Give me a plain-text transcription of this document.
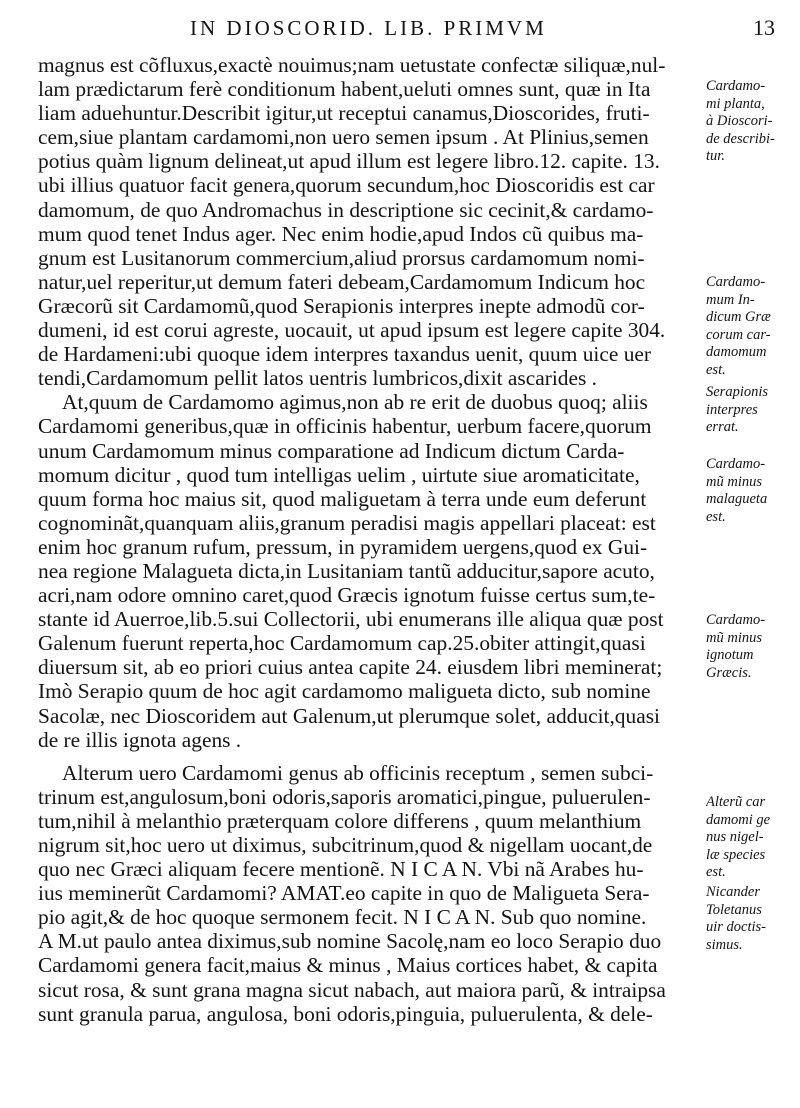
IN DIOSCORID. LIB. PRIMVM	13

magnus est cõfluxus,exactè nouimus;nam uetustate confectæ siliquæ,nul-
lam prædictarum ferè conditionum habent,ueluti omnes sunt, quæ in Ita
liam aduehuntur.Describit igitur,ut receptui canamus,Dioscorides, fruti-
cem,siue plantam cardamomi,non uero semen ipsum . At Plinius,semen
potius quàm lignum delineat,ut apud illum est legere libro.12. capite. 13.
ubi illius quatuor facit genera,quorum secundum,hoc Dioscoridis est car
damomum, de quo Andromachus in descriptione sic cecinit,& cardamo-
mum quod tenet Indus ager. Nec enim hodie,apud Indos cũ quibus ma-
gnum est Lusitanorum commercium,aliud prorsus cardamomum nomi-
natur,uel reperitur,ut demum fateri debeam,Cardamomum Indicum hoc
Græcorũ sit Cardamomũ,quod Serapionis interpres inepte admodũ cor-
dumeni, id est corui agreste, uocauit, ut apud ipsum est legere capite 304.
de Hardameni:ubi quoque idem interpres taxandus uenit, quum uice uer
tendi,Cardamomum pellit latos uentris lumbricos,dixit ascarides .

At,quum de Cardamomo agimus,non ab re erit de duobus quoq; aliis
Cardamomi generibus,quæ in officinis habentur, uerbum facere,quorum
unum Cardamomum minus comparatione ad Indicum dictum Carda-
momum dicitur , quod tum intelligas uelim , uirtute siue aromaticitate,
quum forma hoc maius sit, quod maliguetam à terra unde eum deferunt
cognominãt,quanquam aliis,granum peradisi magis appellari placeat: est
enim hoc granum rufum, pressum, in pyramidem uergens,quod ex Gui-
nea regione Malagueta dicta,in Lusitaniam tantũ adducitur,sapore acuto,
acri,nam odore omnino caret,quod Græcis ignotum fuisse certus sum,te-
stante id Auerroe,lib.5.sui Collectorii, ubi enumerans ille aliqua quæ post
Galenum fuerunt reperta,hoc Cardamomum cap.25.obiter attingit,quasi
diuersum sit, ab eo priori cuius antea capite 24. eiusdem libri meminerat;
Imò Serapio quum de hoc agit cardamomo maligueta dicto, sub nomine
Sacolæ, nec Dioscoridem aut Galenum,ut plerumque solet, adducit,quasi
de re illis ignota agens .

Alterum uero Cardamomi genus ab officinis receptum , semen subci-
trinum est,angulosum,boni odoris,saporis aromatici,pingue, puluerulen-
tum,nihil à melanthio præterquam colore differens , quum melanthium
nigrum sit,hoc uero ut diximus, subcitrinum,quod & nigellam uocant,de
quo nec Græci aliquam fecere mentionẽ. N I C A N. Vbi nã Arabes hu-
ius meminerũt Cardamomi? AMAT.eo capite in quo de Maligueta Sera-
pio agit,& de hoc quoque sermonem fecit. N I C A N. Sub quo nomine.
A M.ut paulo antea diximus,sub nomine Sacolę,nam eo loco Serapio duo
Cardamomi genera facit,maius & minus , Maius cortices habet, & capita
sicut rosa, & sunt grana magna sicut nabach, aut maiora parũ, & intraipsa
sunt granula parua, angulosa, boni odoris,pinguia, puluerulenta, & dele-

Cardamo-
mi planta,
à Dioscori-
de describi-
tur.
Cardamo-
mum In-
dicum Græ
corum car-
damomum
est.
Serapionis
interpres
errat.
Cardamo-
mũ minus
malagueta
est.
Cardamo-
mũ minus
ignotum
Græcis.
Alterũ car
damomi ge
nus nigel-
læ species
est.
Nicander
Toletanus
uir doctis-
simus.
